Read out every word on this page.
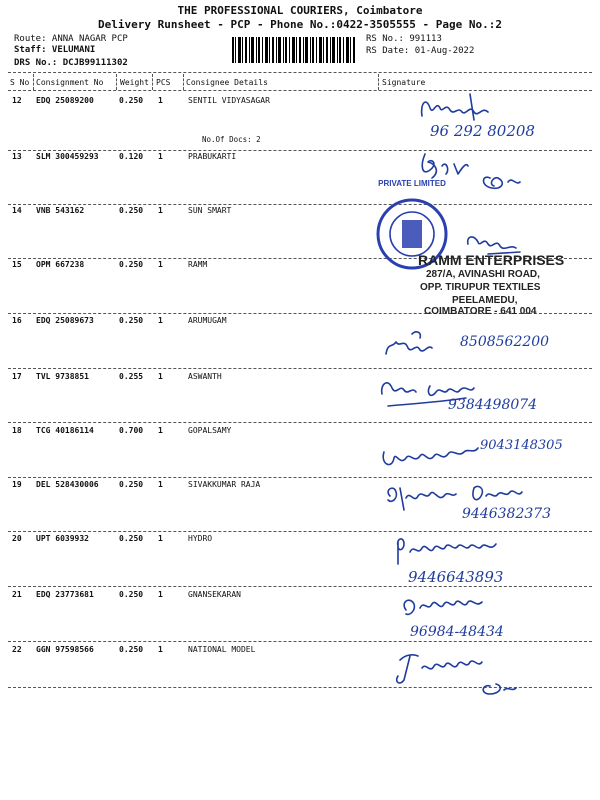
THE PROFESSIONAL COURIERS, Coimbatore
Delivery Runsheet - PCP - Phone No.:0422-3505555 - Page No.:2
Route: ANNA NAGAR PCP
Staff: VELUMANI
DRS No.: DCJB99111302
RS No.: 991113
RS Date: 01-Aug-2022
S No Consignment No Weight PCS Consignee Details	Signature
12 EDQ 25089200	0.250 1	SENTIL VIDYASAGAR
13 SLM 300459293	0.120 1	PRABUKARTI
14 VNB 543162	0.250 1	SUN SMART
15 OPM 667238	0.250 1	RAMM
16 EDQ 25089673	0.250 1	ARUMUGAM
17 TVL 9738851	0.255 1	ASWANTH
18 TCG 40186114	0.700 1	GOPALSAMY
19 DEL 528430006	0.250 1	SIVAKKUMAR RAJA
20 UPT 6039932	0.250 1	HYDRO
21 EDQ 23773681	0.250 1	GNANSEKARAN
22 GGN 97598566	0.250 1	NATIONAL MODEL
No.Of Docs: 2
PRIVATE LIMITED
RAMM ENTERPRISES
287/A, AVINASHI ROAD,
OPP. TIRUPUR TEXTILES
PEELAMEDU,
COIMBATORE - 641 004
96 292 80208
8508562200
9384498074
9043148305
9446382373
9446643893
96984-48434
